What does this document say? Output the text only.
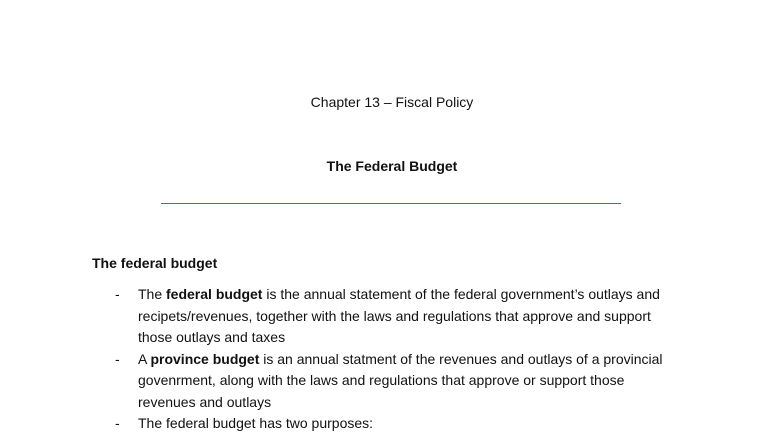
Chapter 13 – Fiscal Policy
The Federal Budget
The federal budget
- The federal budget is the annual statement of the federal government’s outlays and
recipets/revenues, together with the laws and regulations that approve and support
those outlays and taxes
- A province budget is an annual statment of the revenues and outlays of a provincial
govenrment, along with the laws and regulations that approve or support those
revenues and outlays
- The federal budget has two purposes:
